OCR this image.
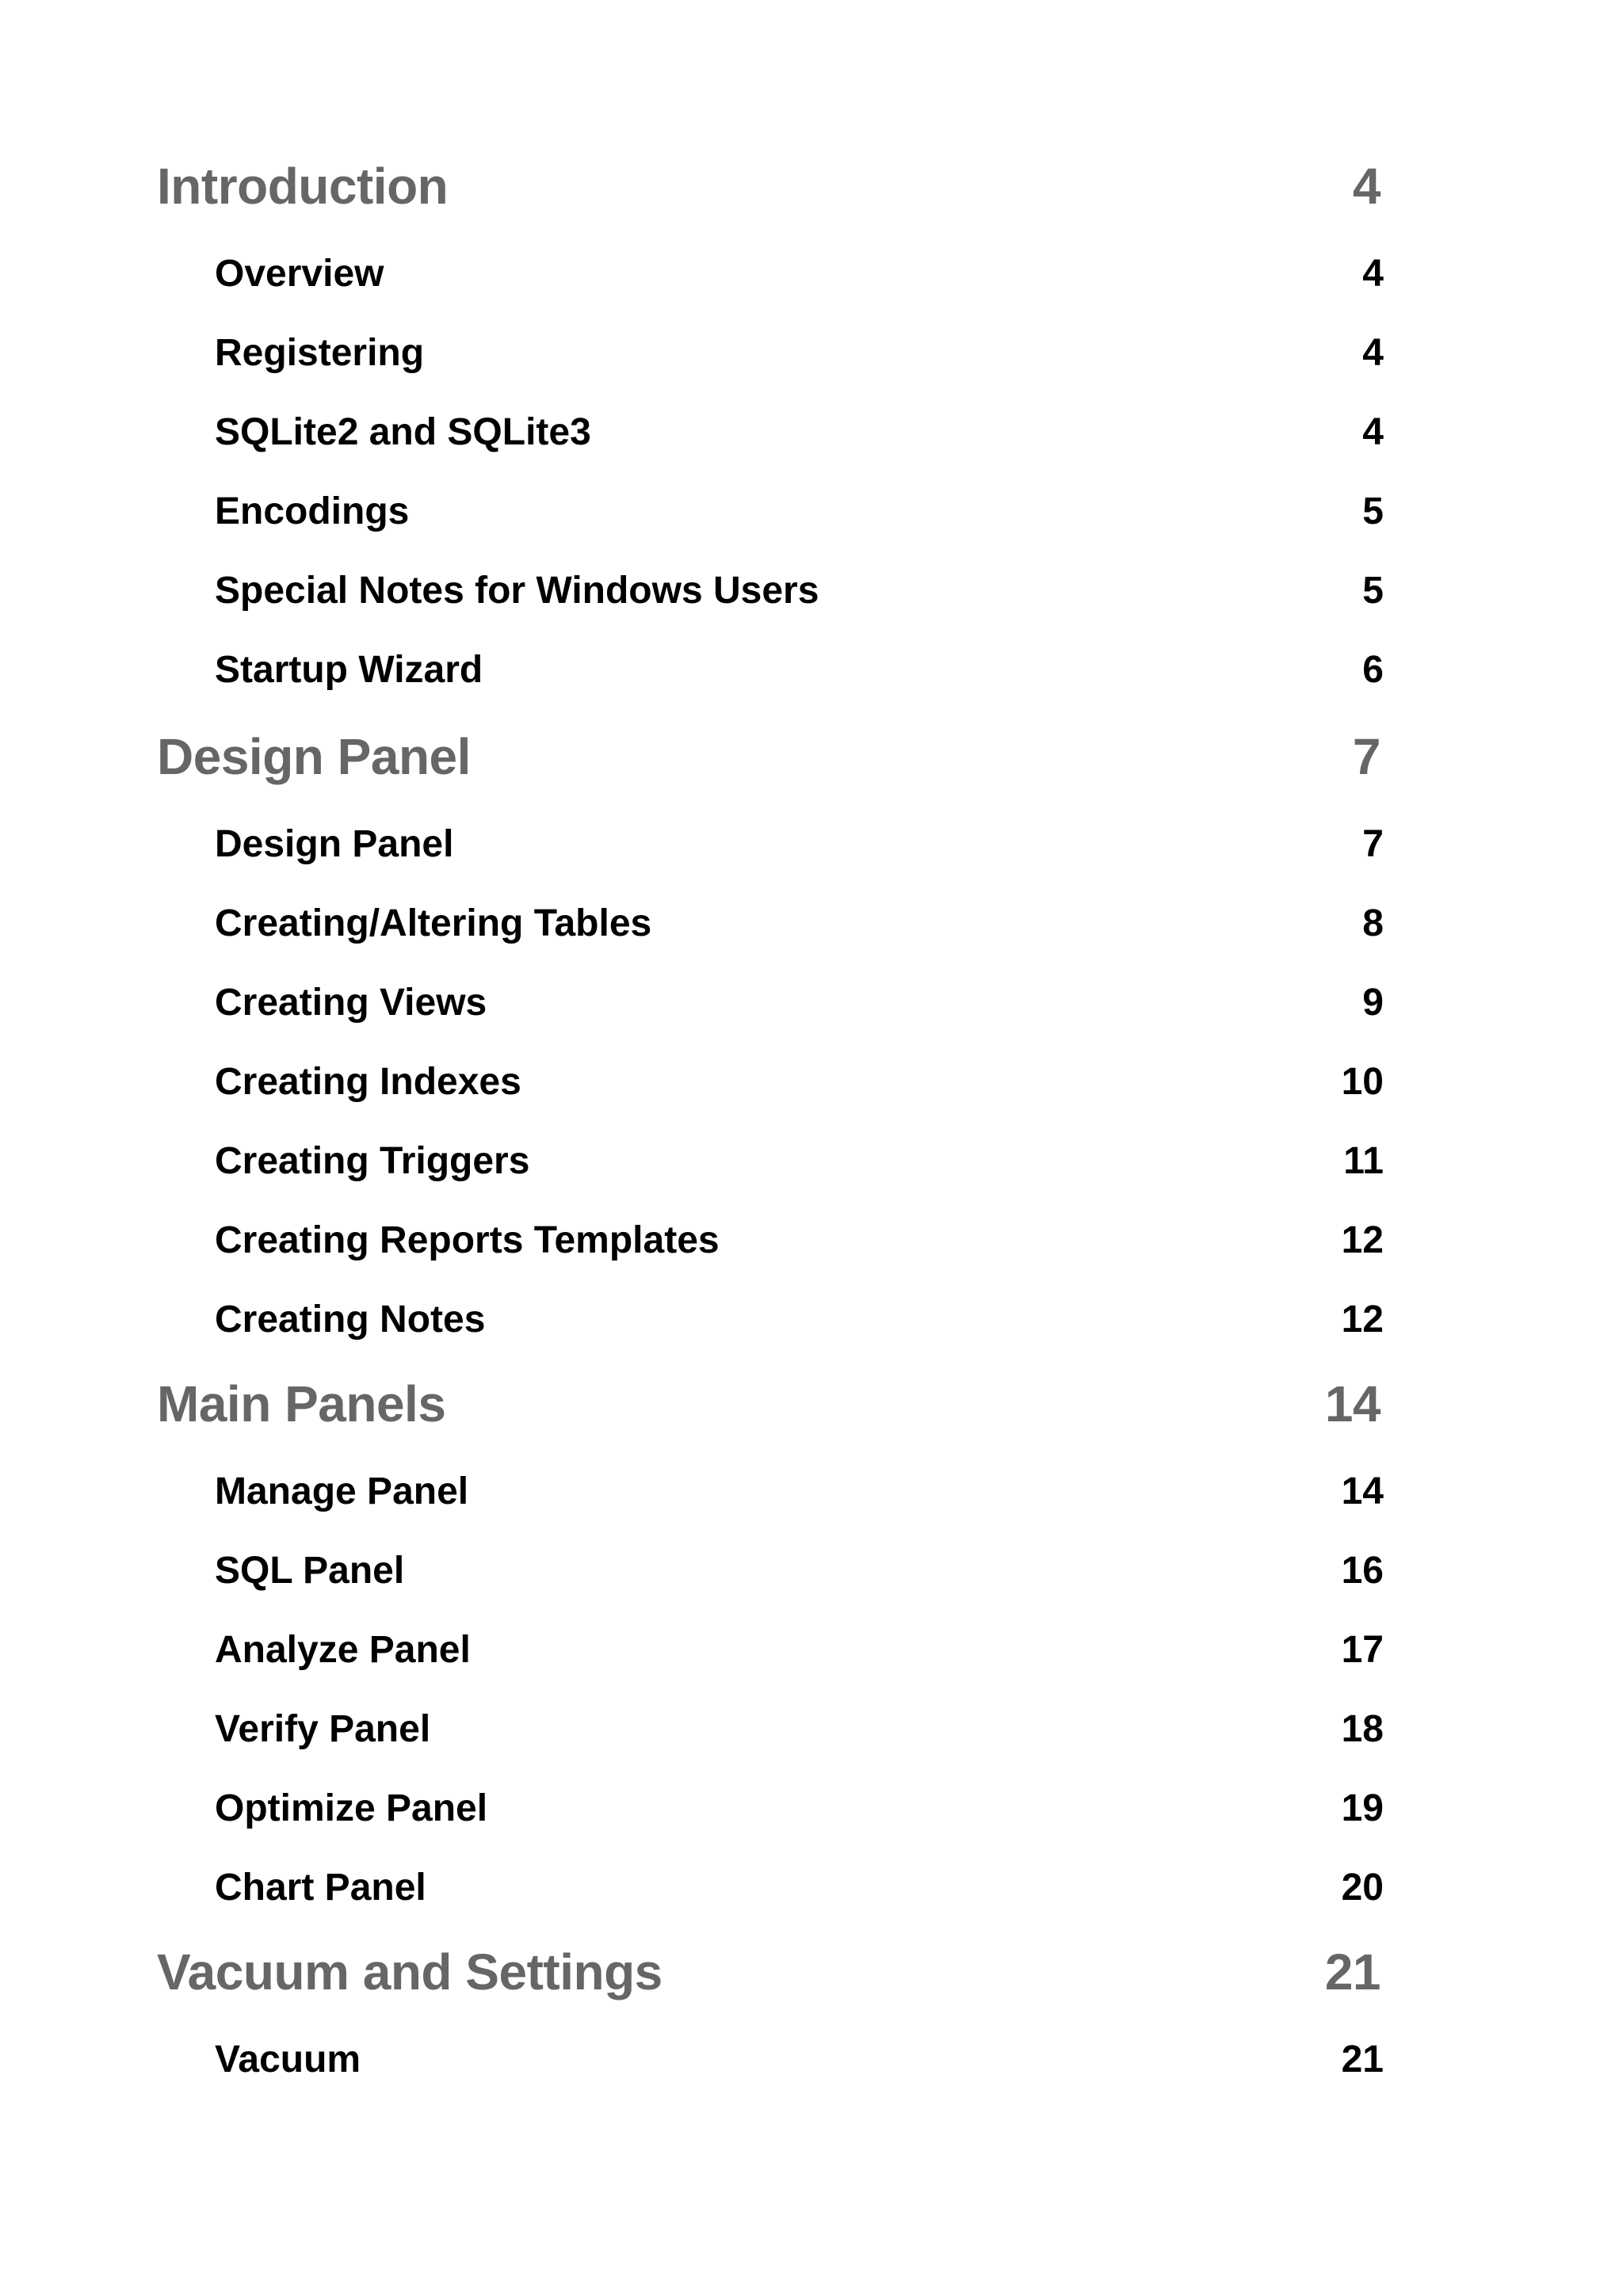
Introduction	4
Overview	4
Registering	4
SQLite2 and SQLite3	4
Encodings	5
Special Notes for Windows Users	5
Startup Wizard	6
Design Panel	7
Design Panel	7
Creating/Altering Tables	8
Creating Views	9
Creating Indexes	10
Creating Triggers	11
Creating Reports Templates	12
Creating Notes	12
Main Panels	14
Manage Panel	14
SQL Panel	16
Analyze Panel	17
Verify Panel	18
Optimize Panel	19
Chart Panel	20
Vacuum and Settings	21
Vacuum	21
